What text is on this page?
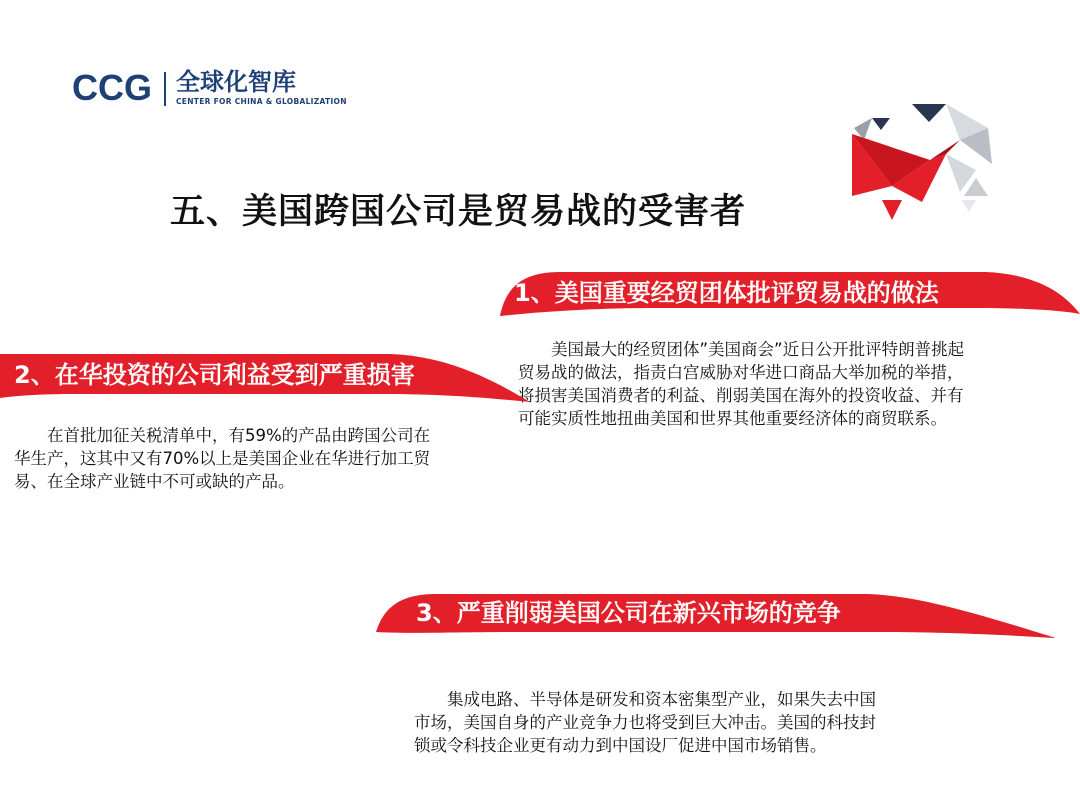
CCG 全球化智库
CENTER FOR CHINA & GLOBALIZATION
五、美国跨国公司是贸易战的受害者
1、美国重要经贸团体批评贸易战的做法

美国最大的经贸团体”美国商会”近日公开批评特朗普挑起贸易战的做法，指责白宫威胁对华进口商品大举加税的举措，将损害美国消费者的利益、削弱美国在海外的投资收益、并有可能实质性地扭曲美国和世界其他重要经济体的商贸联系。

2、在华投资的公司利益受到严重损害

在首批加征关税清单中，有59%的产品由跨国公司在华生产，这其中又有70%以上是美国企业在华进行加工贸易、在全球产业链中不可或缺的产品。

3、严重削弱美国公司在新兴市场的竞争

集成电路、半导体是研发和资本密集型产业，如果失去中国市场，美国自身的产业竞争力也将受到巨大冲击。美国的科技封锁或令科技企业更有动力到中国设厂促进中国市场销售。
